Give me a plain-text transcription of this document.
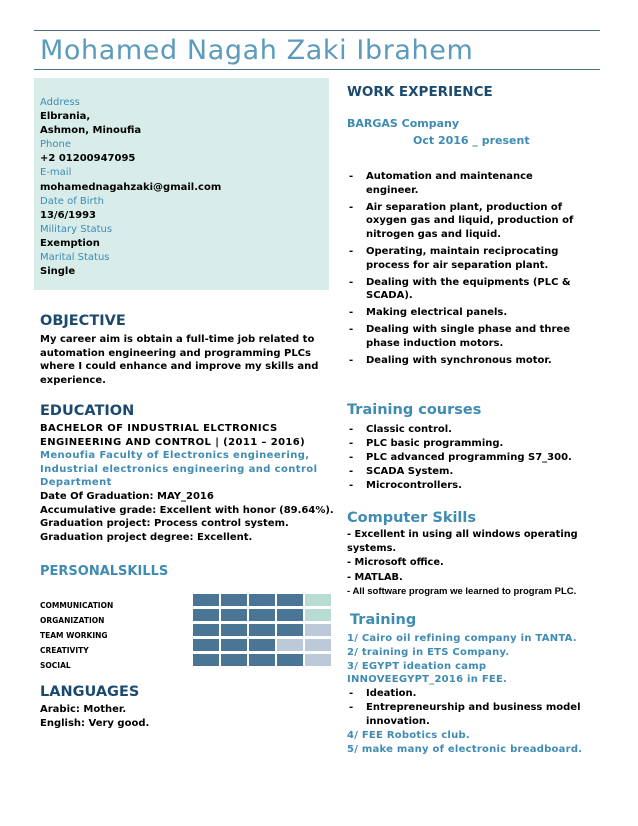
Mohamed Nagah Zaki Ibrahem
Address
Elbrania,
Ashmon, Minoufia
Phone
+2 01200947095
E-mail
mohamednagahzaki@gmail.com
Date of Birth
13/6/1993
Military Status
Exemption
Marital Status
Single
OBJECTIVE
My career aim is obtain a full-time job related to
automation engineering and programming PLCs
where I could enhance and improve my skills and
experience.
EDUCATION
BACHELOR OF INDUSTRIAL ELCTRONICS
ENGINEERING AND CONTROL | (2011 – 2016)
Menoufia Faculty of Electronics engineering,
Industrial electronics engineering and control
Department
Date Of Graduation: MAY_2016
Accumulative grade: Excellent with honor (89.64%).
Graduation project: Process control system.
Graduation project degree: Excellent.
PERSONALSKILLS
COMMUNICATION
ORGANIZATION
TEAM WORKING
CREATIVITY
SOCIAL
LANGUAGES
Arabic: Mother.
English: Very good.
WORK EXPERIENCE
BARGAS Company
Oct 2016 _ present
- Automation and maintenance
engineer.
- Air separation plant, production of
oxygen gas and liquid, production of
nitrogen gas and liquid.
- Operating, maintain reciprocating
process for air separation plant.
- Dealing with the equipments (PLC &
SCADA).
- Making electrical panels.
- Dealing with single phase and three
phase induction motors.
- Dealing with synchronous motor.
Training courses
- Classic control.
- PLC basic programming.
- PLC advanced programming S7_300.
- SCADA System.
- Microcontrollers.
Computer Skills
- Excellent in using all windows operating
systems.
- Microsoft office.
- MATLAB.
- All software program we learned to program PLC.
Training
1/ Cairo oil refining company in TANTA.
2/ training in ETS Company.
3/ EGYPT ideation camp
INNOVEEGYPT_2016 in FEE.
- Ideation.
- Entrepreneurship and business model
innovation.
4/ FEE Robotics club.
5/ make many of electronic breadboard.
